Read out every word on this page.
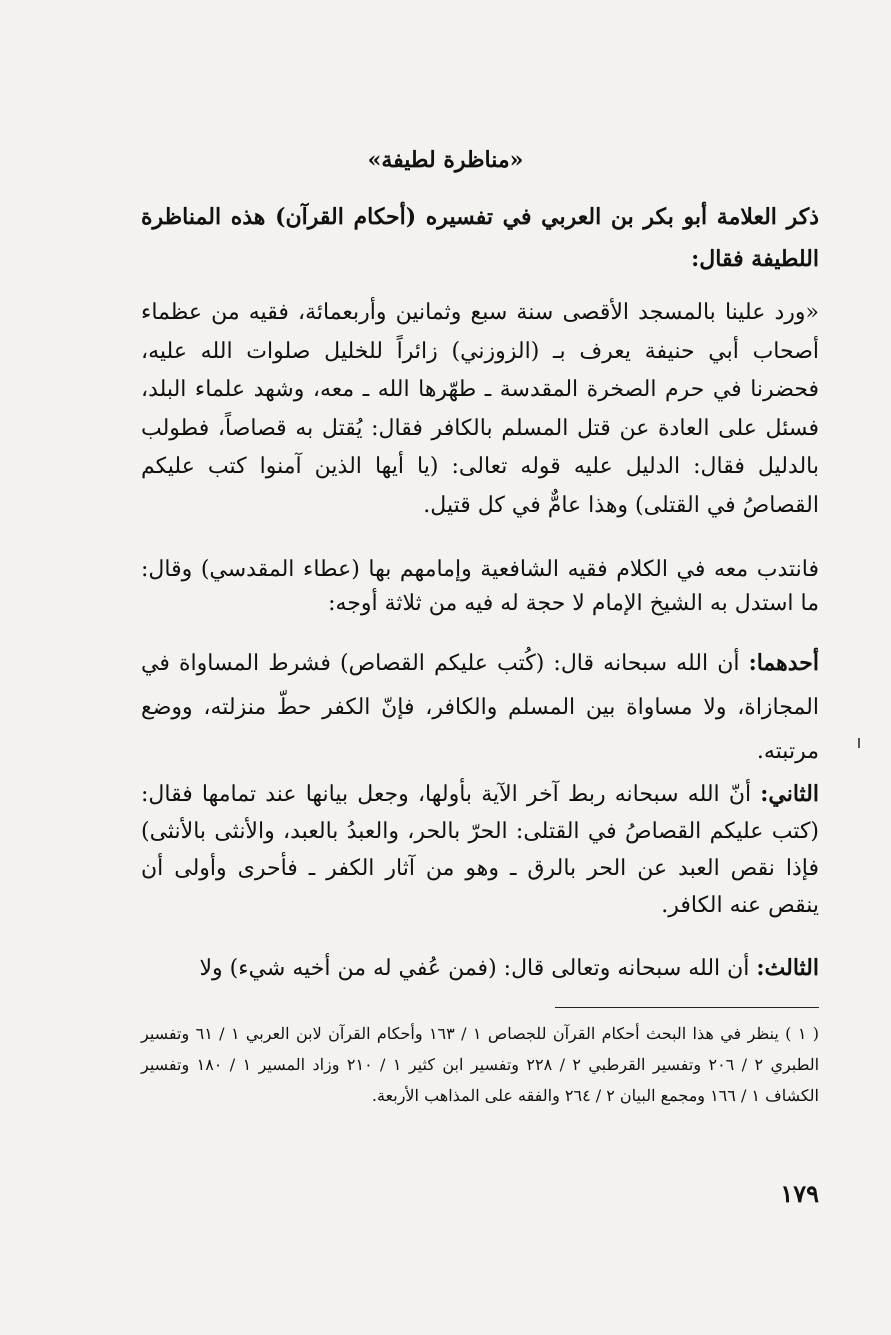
«مناظرة لطيفة»
ذكر العلامة أبو بكر بن العربي في تفسيره (أحكام القرآن) هذه المناظرة اللطيفة فقال:
«ورد علينا بالمسجد الأقصى سنة سبع وثمانين وأربعمائة، فقيه من عظماء أصحاب أبي حنيفة يعرف بـ (الزوزني) زائراً للخليل صلوات الله عليه، فحضرنا في حرم الصخرة المقدسة ـ طهّرها الله ـ معه، وشهد علماء البلد، فسئل على العادة عن قتل المسلم بالكافر فقال: يُقتل به قصاصاً، فطولب بالدليل فقال: الدليل عليه قوله تعالى: (يا أيها الذين آمنوا كتب عليكم القصاصُ في القتلى) وهذا عامٌّ في كل قتيل.
فانتدب معه في الكلام فقيه الشافعية وإمامهم بها (عطاء المقدسي) وقال: ما استدل به الشيخ الإمام لا حجة له فيه من ثلاثة أوجه:
أحدهما: أن الله سبحانه قال: (كُتب عليكم القصاص) فشرط المساواة في المجازاة، ولا مساواة بين المسلم والكافر، فإنّ الكفر حطّ منزلته، ووضع مرتبته.
الثاني: أنّ الله سبحانه ربط آخر الآية بأولها، وجعل بيانها عند تمامها فقال: (كتب عليكم القصاصُ في القتلى: الحرّ بالحر، والعبدُ بالعبد، والأنثى بالأنثى) فإذا نقص العبد عن الحر بالرق ـ وهو من آثار الكفر ـ فأحرى وأولى أن ينقص عنه الكافر.
الثالث: أن الله سبحانه وتعالى قال: (فمن عُفي له من أخيه شيء) ولا
( ١ ) ينظر في هذا البحث أحكام القرآن للجصاص ١ / ١٦٣ وأحكام القرآن لابن العربي ١ / ٦١ وتفسير الطبري ٢ / ٢٠٦ وتفسير القرطبي ٢ / ٢٢٨ وتفسير ابن كثير ١ / ٢١٠ وزاد المسير ١ / ١٨٠ وتفسير الكشاف ١ / ١٦٦ ومجمع البيان ٢ / ٢٦٤ والفقه على المذاهب الأربعة.
١٧٩
